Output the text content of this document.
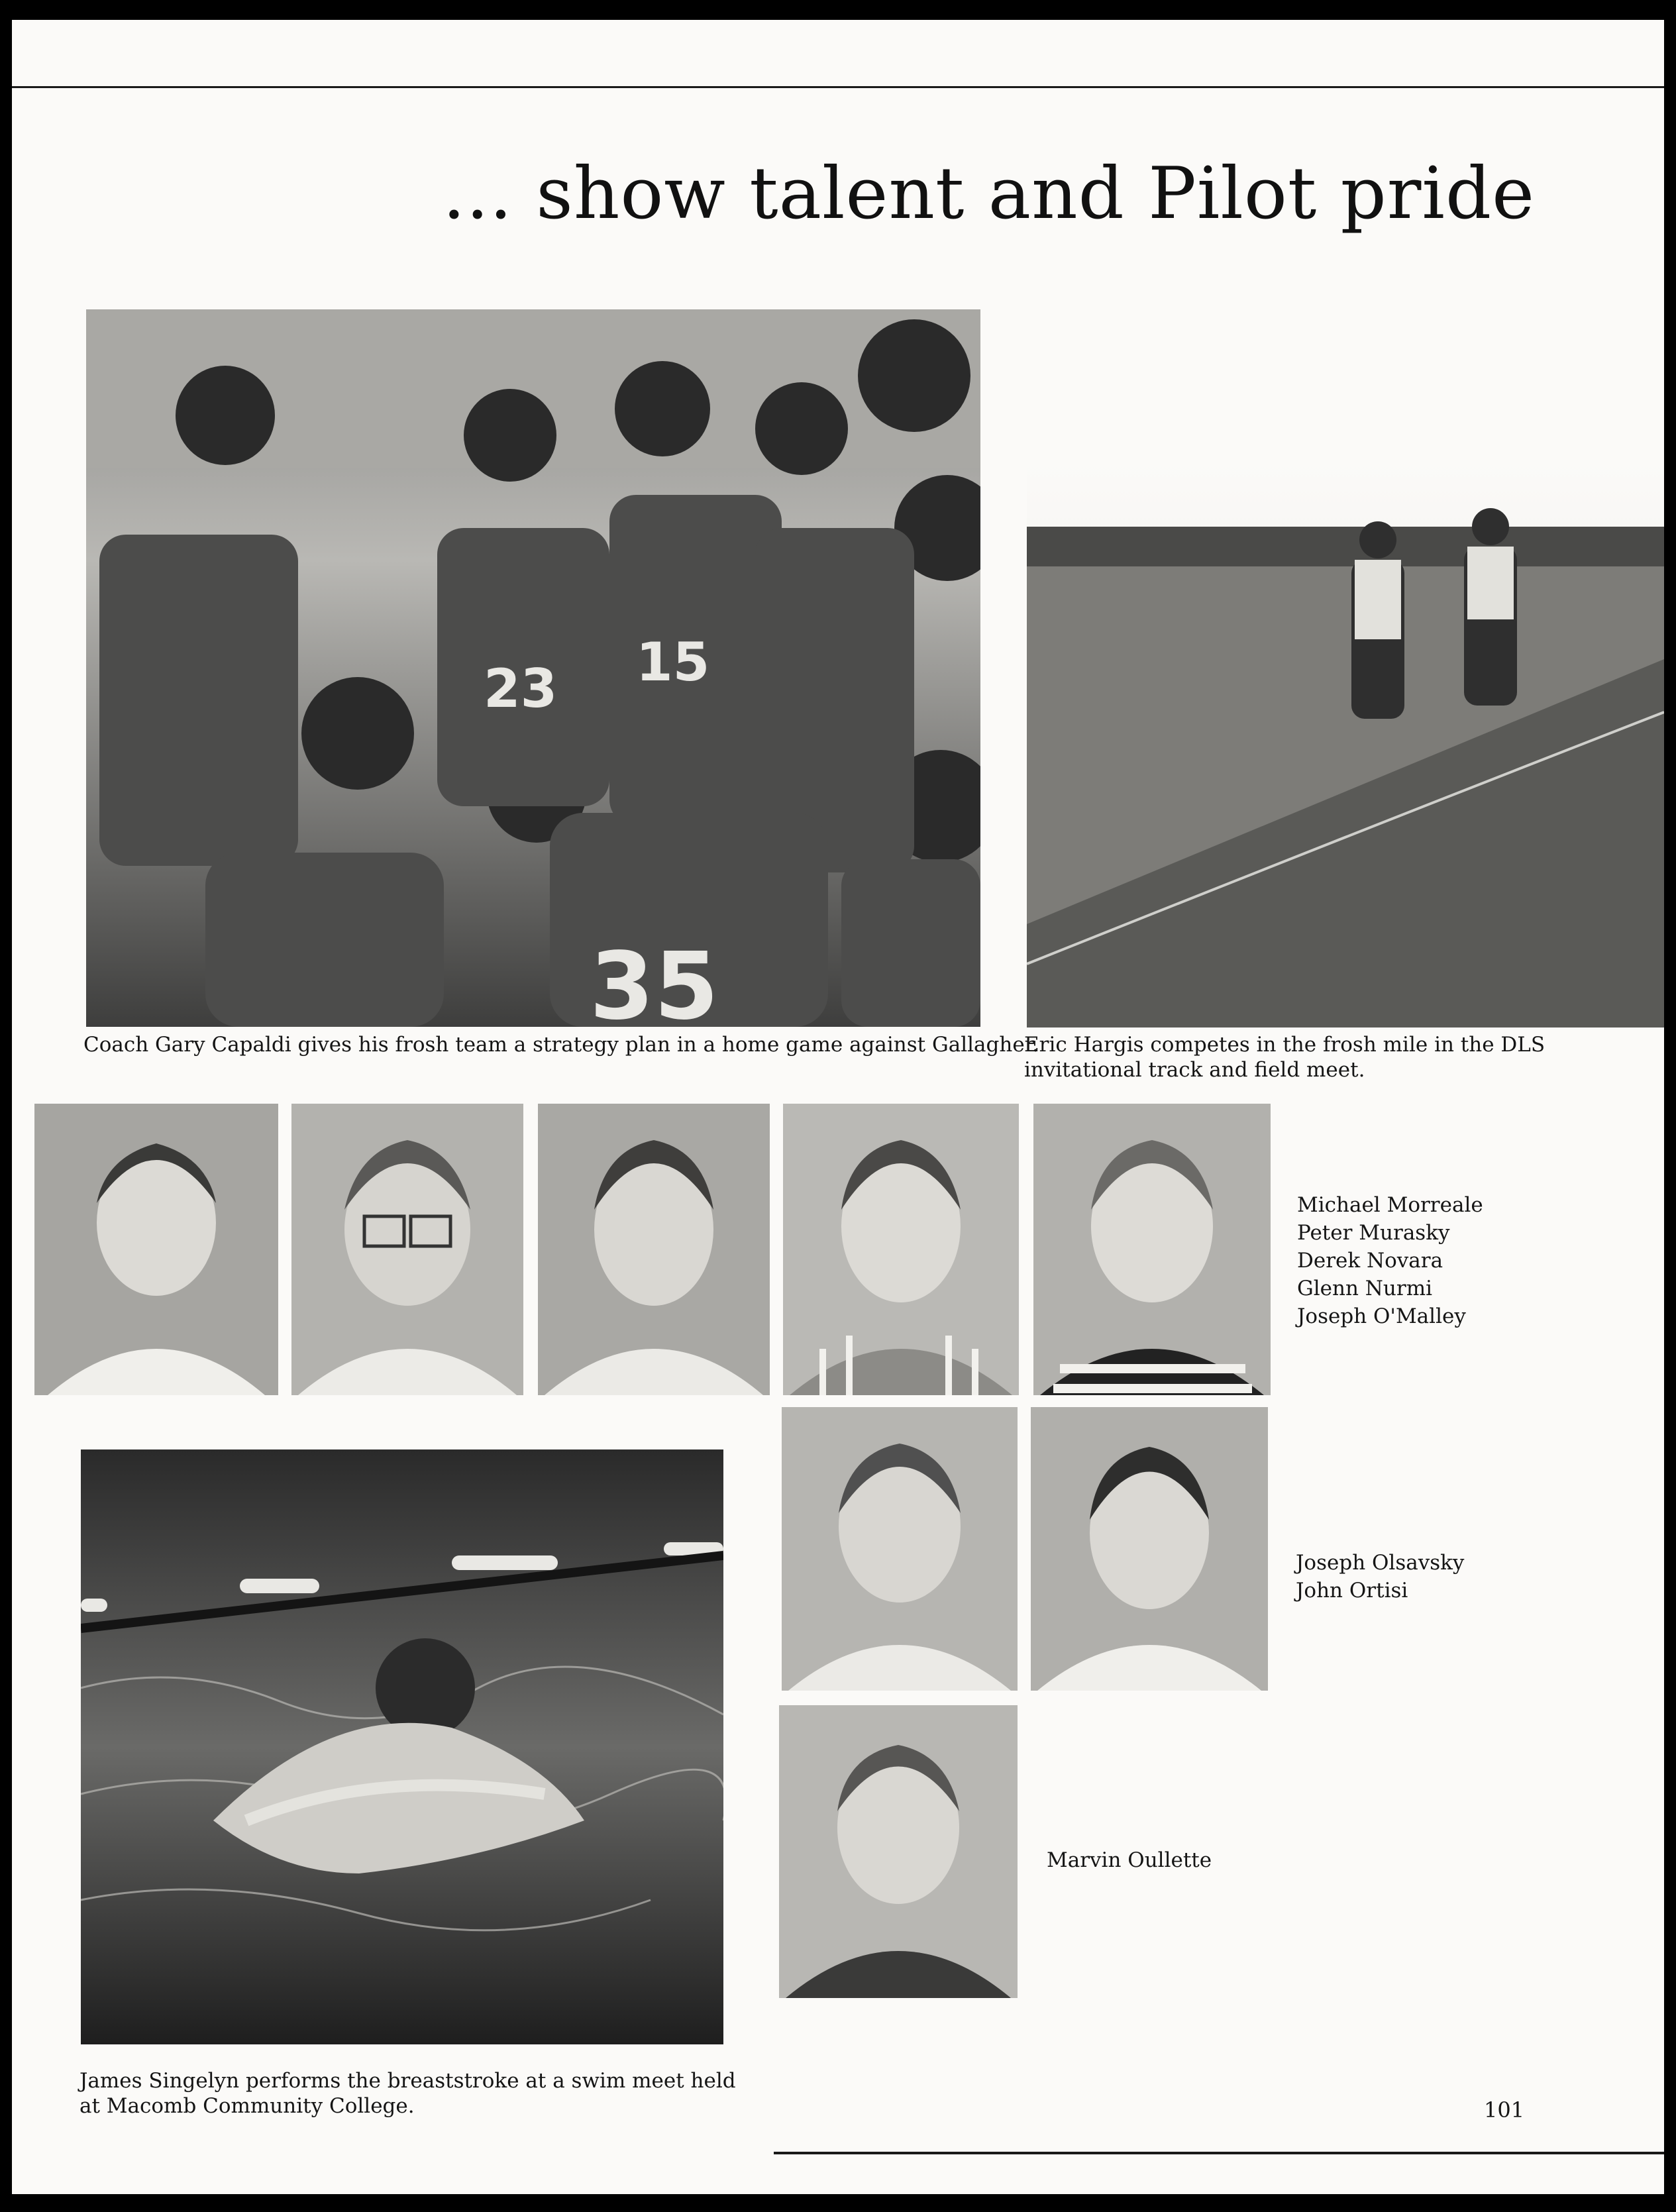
... show talent and Pilot pride
23 15
35

Coach Gary Capaldi gives his frosh team a strategy plan in a home game against Gallagher.

Eric Hargis competes in the frosh mile in the DLS invitational track and field meet.

Michael Morreale
Peter Murasky
Derek Novara
Glenn Nurmi
Joseph O'Malley

James Singelyn performs the breaststroke at a swim meet held at Macomb Community College.

Joseph Olsavsky
John Ortisi
Marvin Oullette
101
